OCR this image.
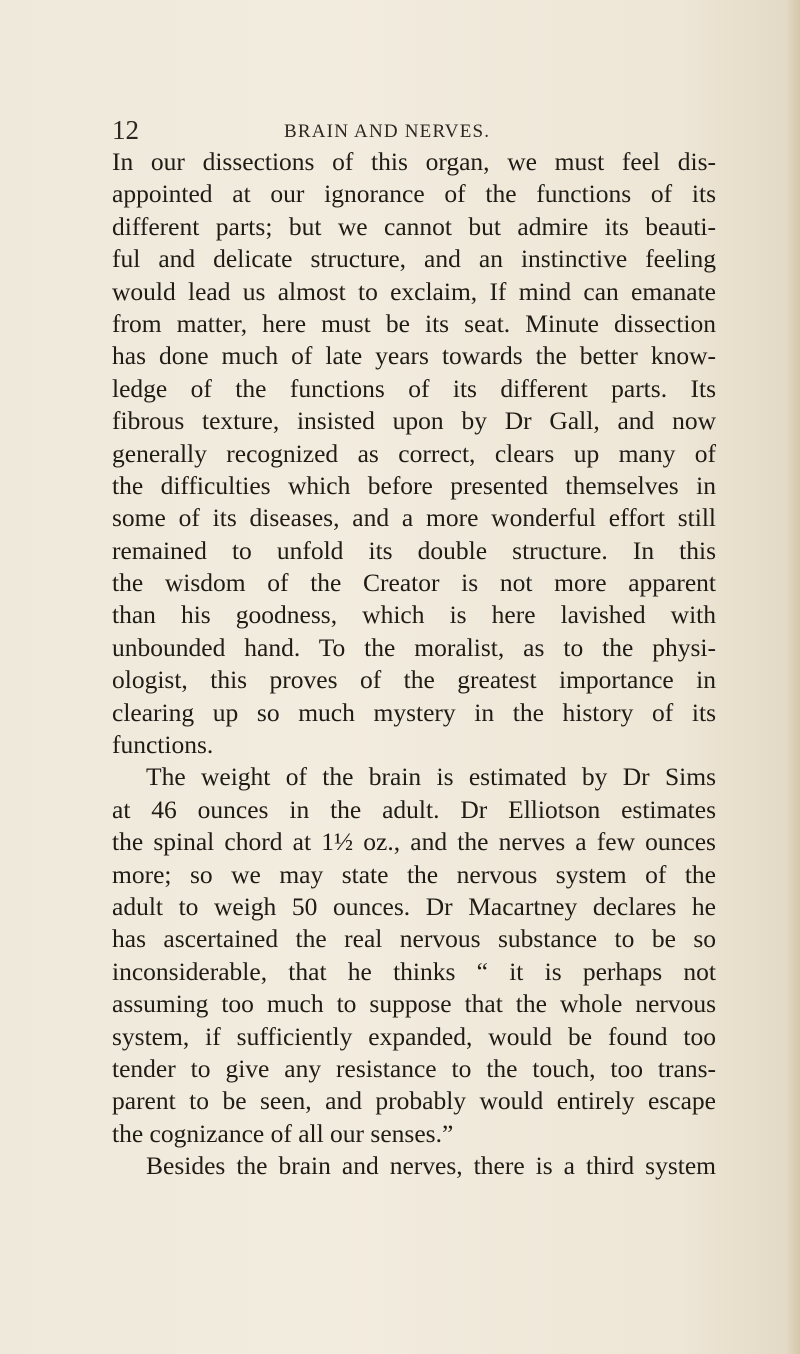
12	BRAIN AND NERVES.
In our dissections of this organ, we must feel dis-
appointed at our ignorance of the functions of its
different parts; but we cannot but admire its beauti-
ful and delicate structure, and an instinctive feeling
would lead us almost to exclaim, If mind can emanate
from matter, here must be its seat. Minute dissection
has done much of late years towards the better know-
ledge of the functions of its different parts. Its
fibrous texture, insisted upon by Dr Gall, and now
generally recognized as correct, clears up many of
the difficulties which before presented themselves in
some of its diseases, and a more wonderful effort still
remained to unfold its double structure. In this
the wisdom of the Creator is not more apparent
than his goodness, which is here lavished with
unbounded hand. To the moralist, as to the physi-
ologist, this proves of the greatest importance in
clearing up so much mystery in the history of its
functions.
The weight of the brain is estimated by Dr Sims
at 46 ounces in the adult. Dr Elliotson estimates
the spinal chord at 1½ oz., and the nerves a few ounces
more; so we may state the nervous system of the
adult to weigh 50 ounces. Dr Macartney declares he
has ascertained the real nervous substance to be so
inconsiderable, that he thinks “ it is perhaps not
assuming too much to suppose that the whole nervous
system, if sufficiently expanded, would be found too
tender to give any resistance to the touch, too trans-
parent to be seen, and probably would entirely escape
the cognizance of all our senses.”
Besides the brain and nerves, there is a third system
